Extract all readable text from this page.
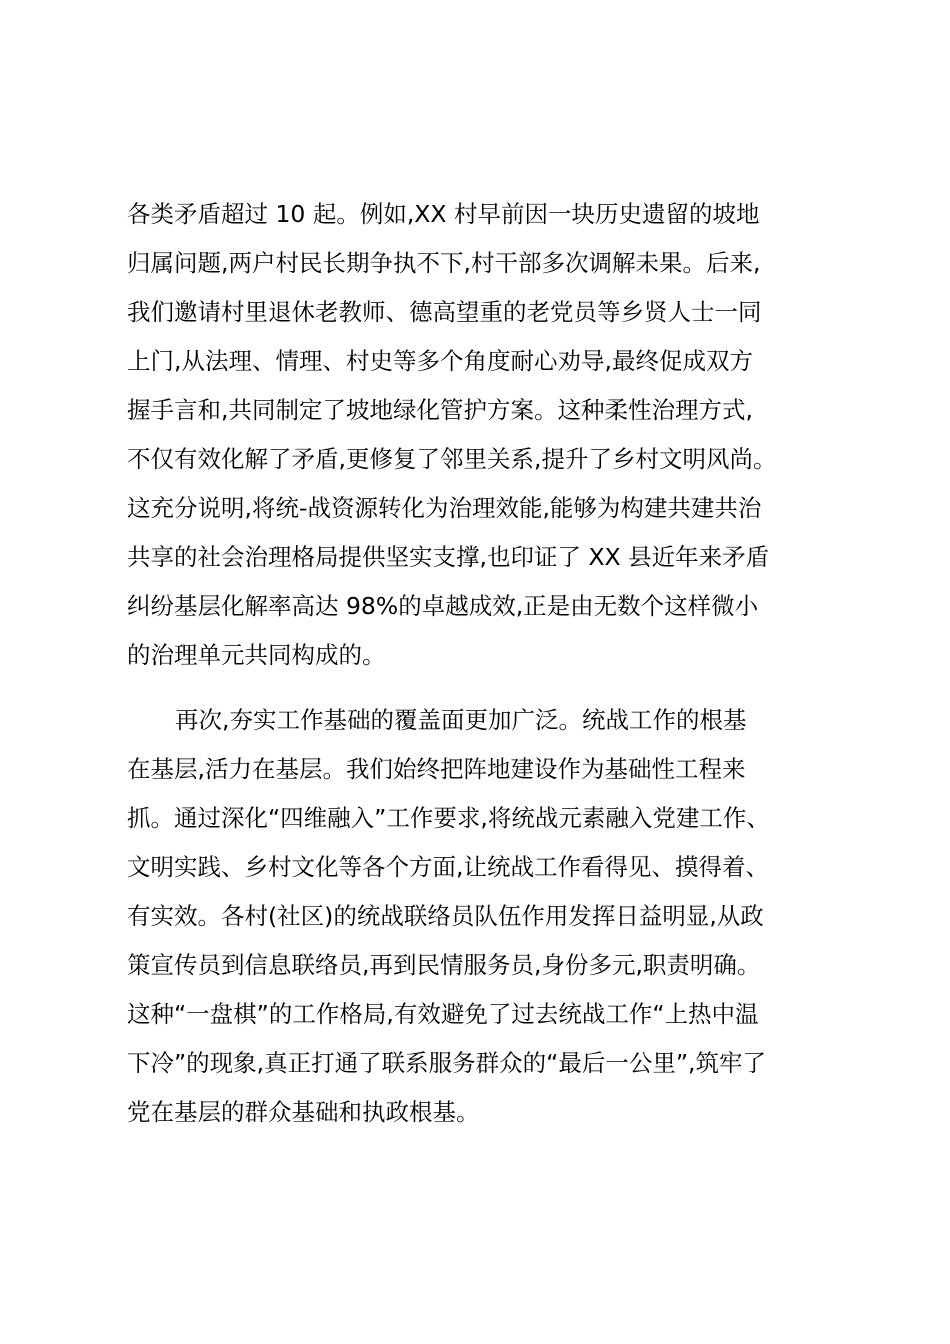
各类矛盾超过 10 起。例如,XX 村早前因一块历史遗留的坡地
归属问题,两户村民长期争执不下,村干部多次调解未果。后来,
我们邀请村里退休老教师、德高望重的老党员等乡贤人士一同
上门,从法理、情理、村史等多个角度耐心劝导,最终促成双方
握手言和,共同制定了坡地绿化管护方案。这种柔性治理方式,
不仅有效化解了矛盾,更修复了邻里关系,提升了乡村文明风尚。
这充分说明,将统-战资源转化为治理效能,能够为构建共建共治
共享的社会治理格局提供坚实支撑,也印证了 XX 县近年来矛盾
纠纷基层化解率高达 98%的卓越成效,正是由无数个这样微小
的治理单元共同构成的。
再次,夯实工作基础的覆盖面更加广泛。统战工作的根基
在基层,活力在基层。我们始终把阵地建设作为基础性工程来
抓。通过深化“四维融入”工作要求,将统战元素融入党建工作、
文明实践、乡村文化等各个方面,让统战工作看得见、摸得着、
有实效。各村(社区)的统战联络员队伍作用发挥日益明显,从政
策宣传员到信息联络员,再到民情服务员,身份多元,职责明确。
这种“一盘棋”的工作格局,有效避免了过去统战工作“上热中温
下冷”的现象,真正打通了联系服务群众的“最后一公里”,筑牢了
党在基层的群众基础和执政根基。
